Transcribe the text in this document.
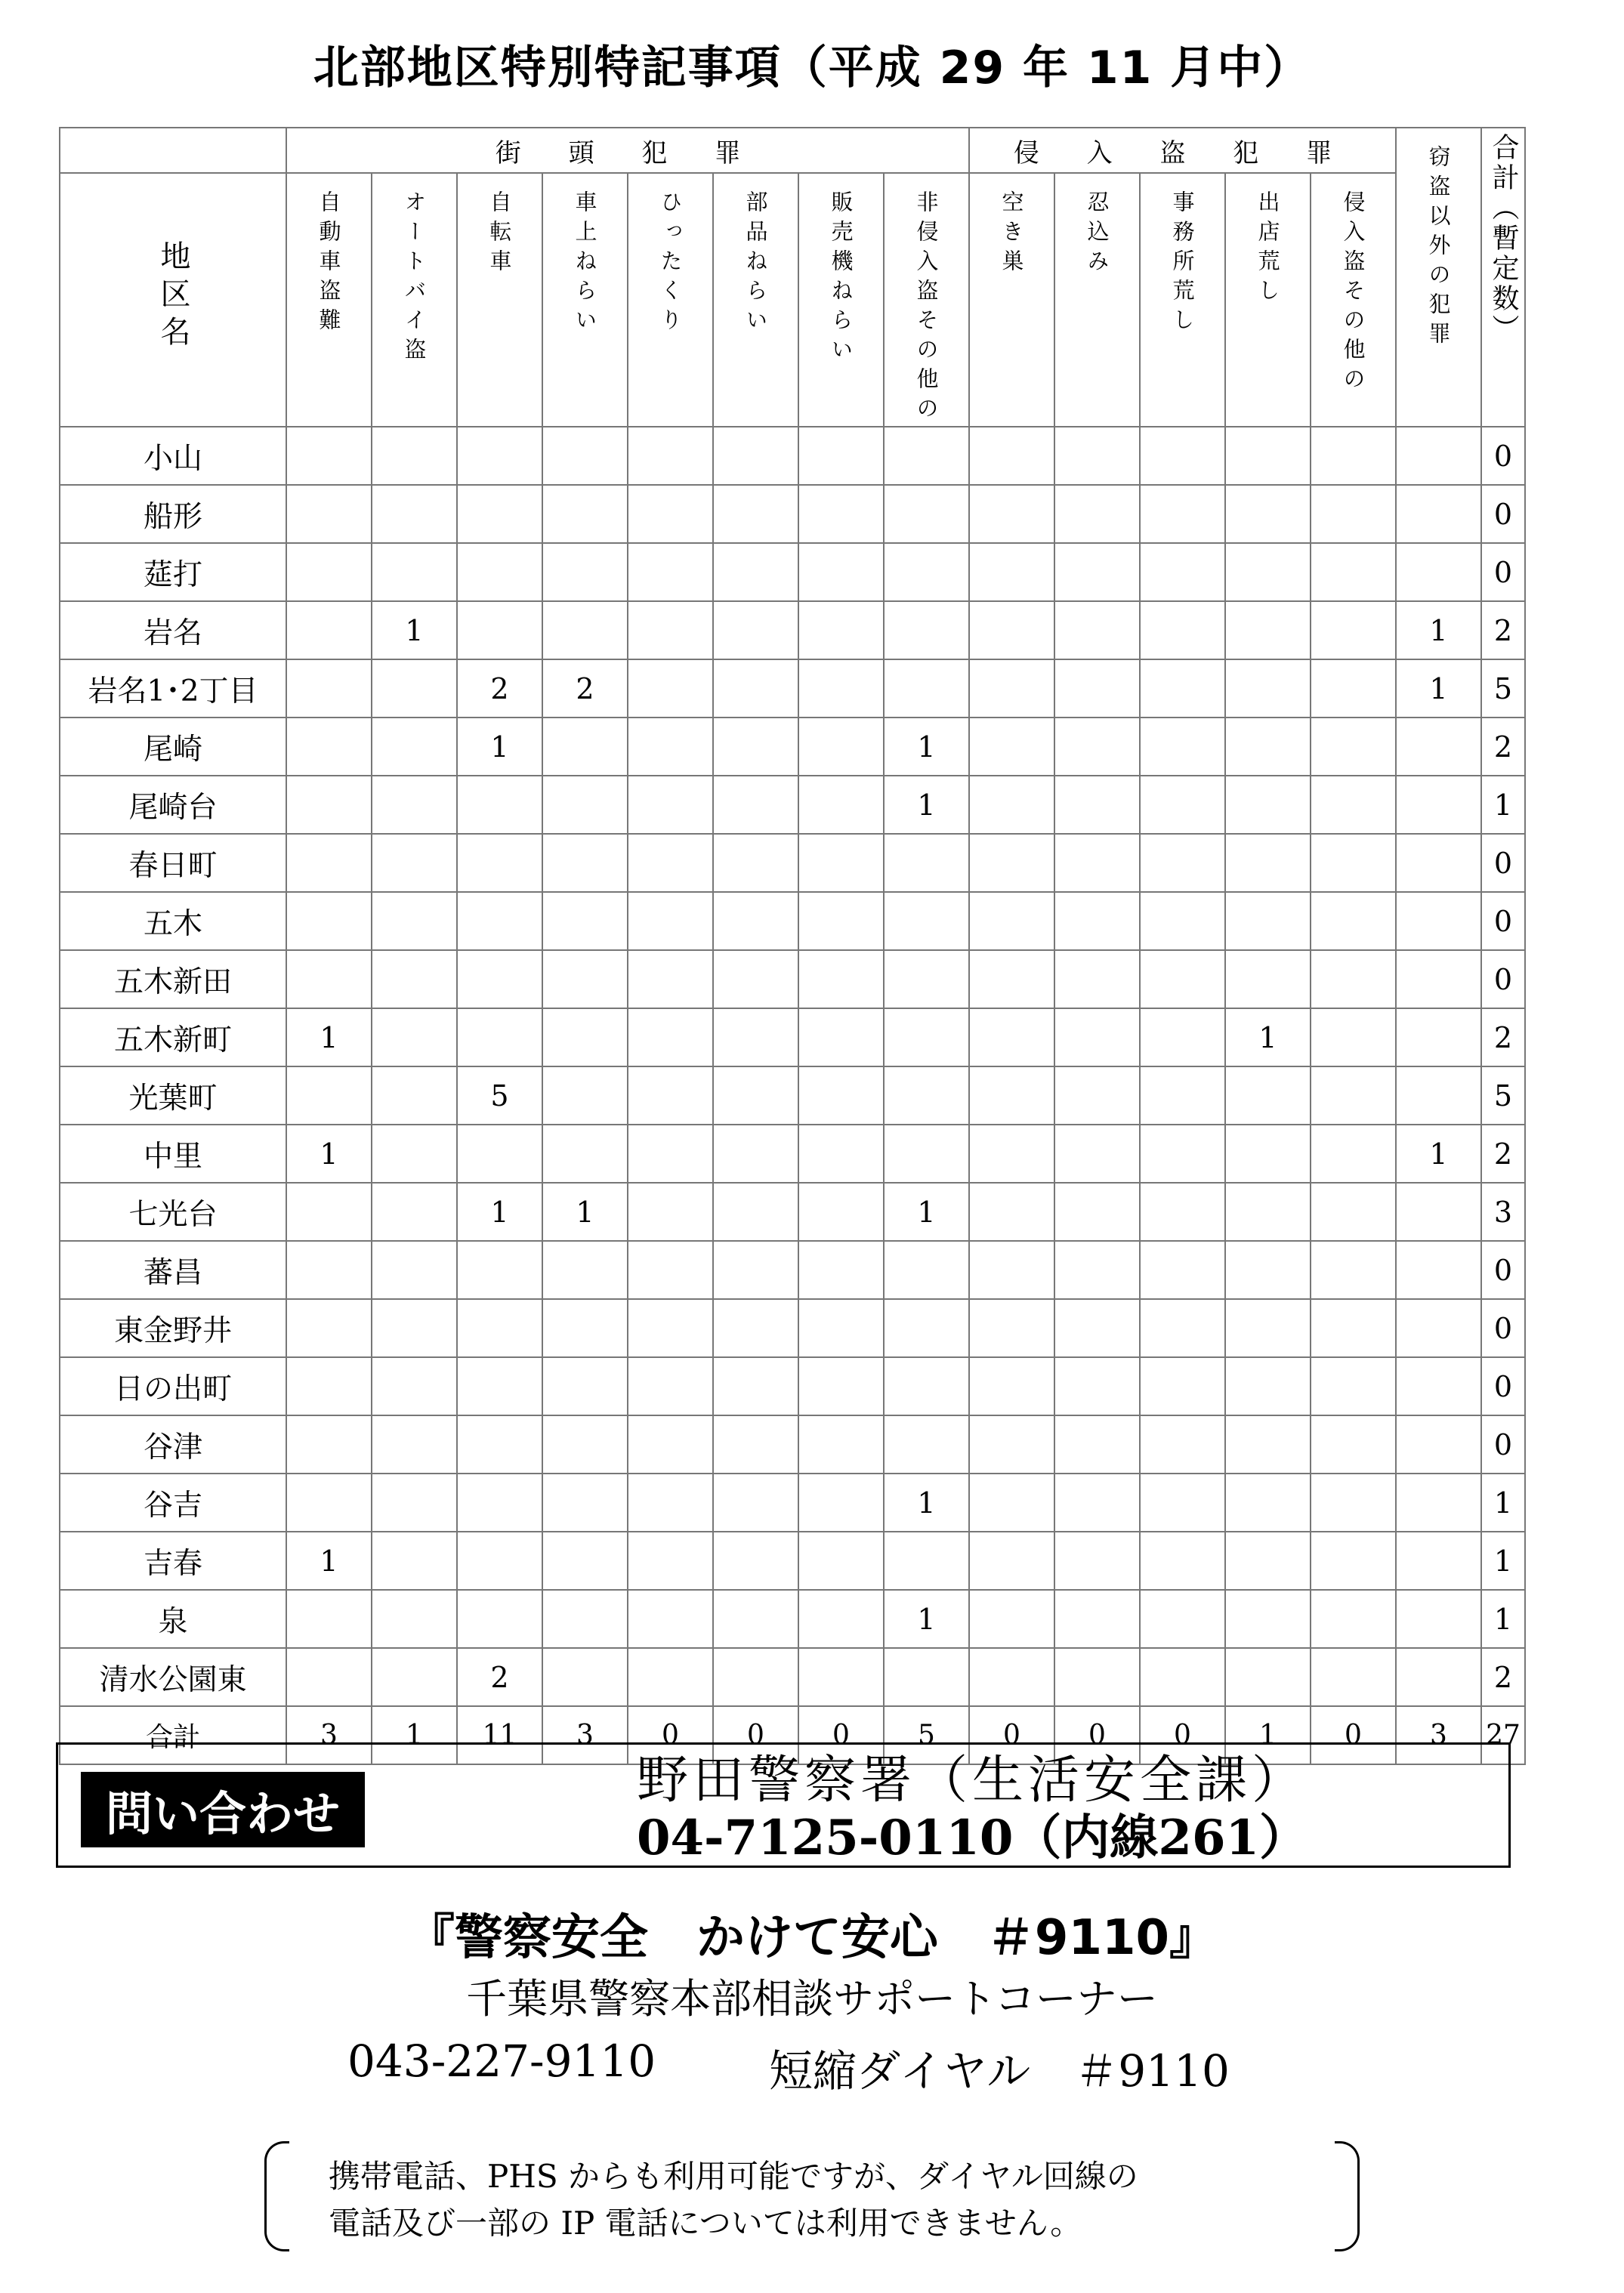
北部地区特別特記事項（平成 29 年 11 月中）
	街 頭 犯 罪								侵 入 盗 犯 罪					窃盗以外の犯罪	合計（暫定数）
地区名	自動車盗難	オートバイ盗	自転車	車上ねらい	ひったくり	部品ねらい	販売機ねらい	非侵入盗その他の	空き巣	忍込み	事務所荒し	出店荒し	侵入盗その他の		
小山															0
船形															0
莚打															0
岩名		1												1	2
岩名1･2丁目			2	2										1	5
尾崎			1					1							2
尾崎台								1							1
春日町															0
五木															0
五木新田															0
五木新町	1											1			2
光葉町			5												5
中里	1													1	2
七光台			1	1				1							3
蕃昌															0
東金野井															0
日の出町															0
谷津															0
谷吉								1							1
吉春	1														1
泉								1							1
清水公園東			2												2
合計	3	1	11	3	0	0	0	5	0	0	0	1	0	3	27
問い合わせ
野田警察署（生活安全課）
04-7125-0110（内線261）
『警察安全　かけて安心　＃9110』
千葉県警察本部相談サポートコーナー
043-227-9110	短縮ダイヤル　＃9110
携帯電話、PHS からも利用可能ですが、ダイヤル回線の
電話及び一部の IP 電話については利用できません。
